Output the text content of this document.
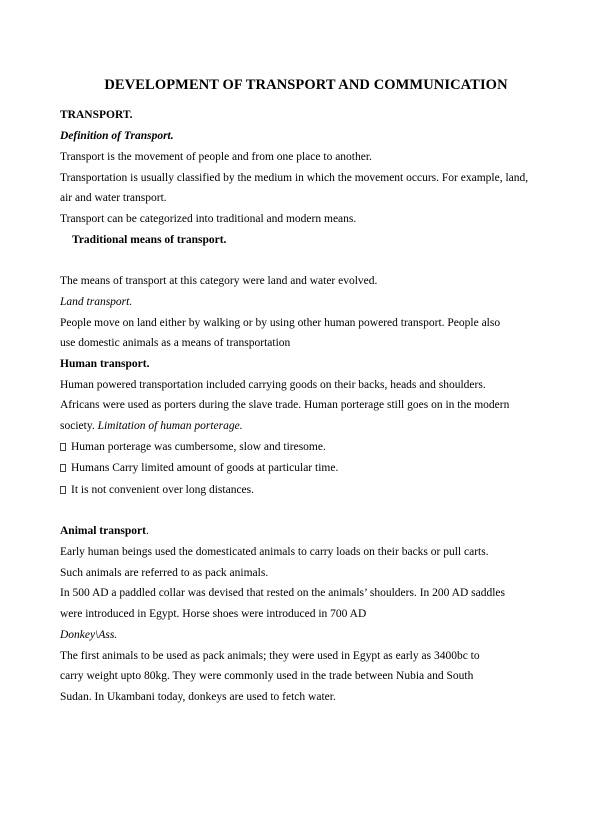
DEVELOPMENT OF TRANSPORT AND COMMUNICATION
TRANSPORT.
Definition of Transport.
Transport is the movement of people and from one place to another.
Transportation is usually classified by the medium in which the movement occurs. For example, land,
air and water transport.
Transport can be categorized into traditional and modern means.
Traditional means of transport.
The means of transport at this category were land and water evolved.
Land transport.
People move on land either by walking or by using other human powered transport. People also
use domestic animals as a means of transportation
Human transport.
Human powered transportation included carrying goods on their backs, heads and shoulders.
Africans were used as porters during the slave trade. Human porterage still goes on in the modern
society. Limitation of human porterage.
Human porterage was cumbersome, slow and tiresome.
Humans Carry limited amount of goods at particular time.
It is not convenient over long distances.
Animal transport.
Early human beings used the domesticated animals to carry loads on their backs or pull carts.
Such animals are referred to as pack animals.
In 500 AD a paddled collar was devised that rested on the animals’ shoulders. In 200 AD saddles
were introduced in Egypt. Horse shoes were introduced in 700 AD
Donkey\Ass.
The first animals to be used as pack animals; they were used in Egypt as early as 3400bc to
carry weight upto 80kg. They were commonly used in the trade between Nubia and South
Sudan. In Ukambani today, donkeys are used to fetch water.
